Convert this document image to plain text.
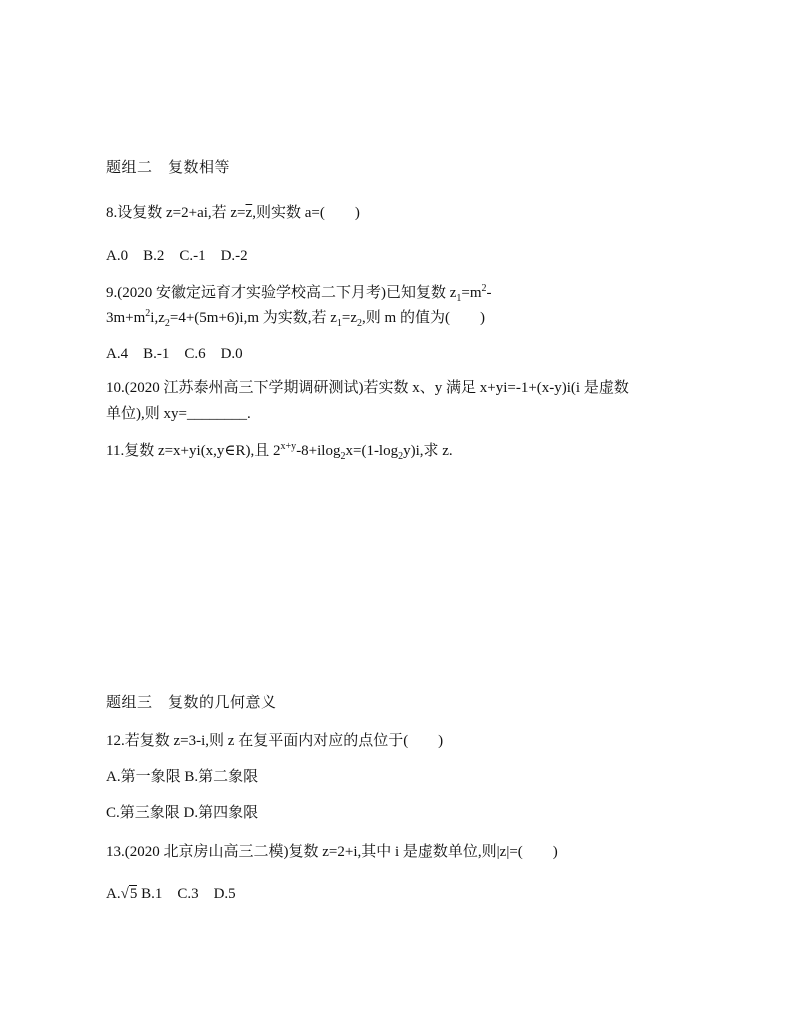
题组二　复数相等
8.设复数 z=2+ai,若 $z=\overline{z}$,则实数 a=(　　)
A.0　B.2　C.-1　D.-2
9.(2020 安徽定远育才实验学校高二下月考)已知复数 $z_1=m^2-$
$3m+m^2i,z_2=4+(5m+6)i,m$ 为实数,若 $z_1=z_2$,则 m 的值为(　　)
A.4　B.-1　C.6　D.0
10.(2020 江苏泰州高三下学期调研测试)若实数 x、y 满足 x+yi=-1+(x-y)i(i 是虚数
单位),则 xy=________.
11.复数 z=x+yi(x,y∈R),且 $2^{x+y}-8+ilog_2x=(1-\log_2y)i$,求 z.
题组三　复数的几何意义
12.若复数 z=3-i,则 z 在复平面内对应的点位于(　　)
A.第一象限 B.第二象限
C.第三象限 D.第四象限
13.(2020 北京房山高三二模)复数 z=2+i,其中 i 是虚数单位,则|z|=(　　)
A.√5 B.1　C.3　D.5
